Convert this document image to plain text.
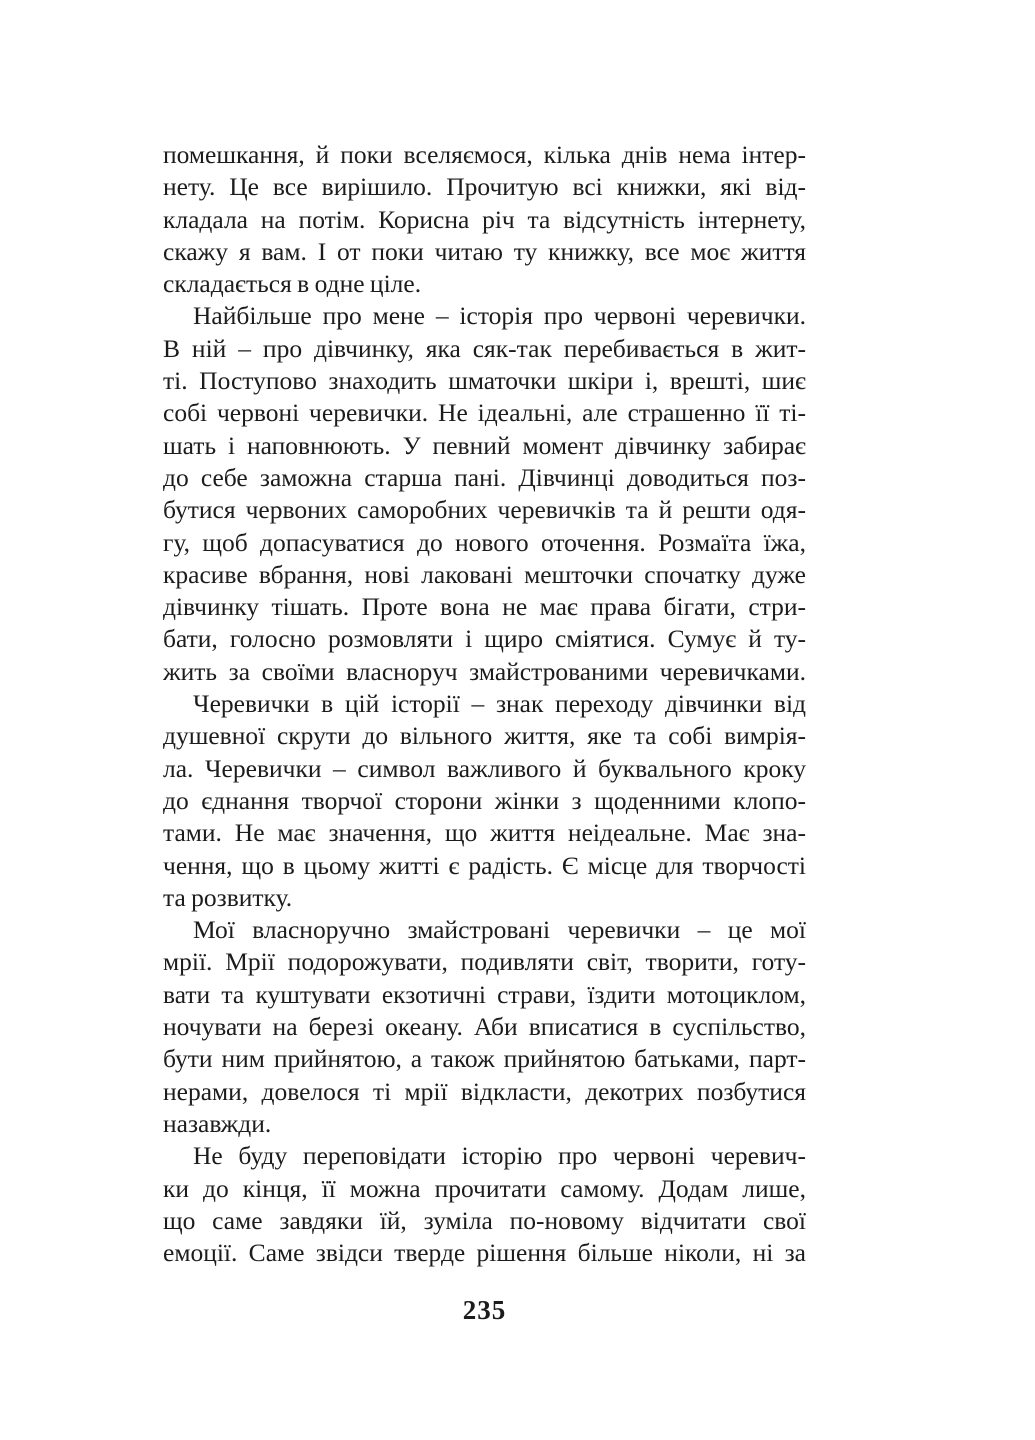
помешкання, й поки вселяємося, кілька днів нема інтер-
нету. Це все вирішило. Прочитую всі книжки, які від-
кладала на потім. Корисна річ та відсутність інтернету,
скажу я вам. І от поки читаю ту книжку, все моє життя
складається в одне ціле.
Найбільше про мене – історія про червоні черевички.
В ній – про дівчинку, яка сяк-так перебивається в жит-
ті. Поступово знаходить шматочки шкіри і, врешті, шиє
собі червоні черевички. Не ідеальні, але страшенно її ті-
шать і наповнюють. У певний момент дівчинку забирає
до себе заможна старша пані. Дівчинці доводиться поз-
бутися червоних саморобних черевичків та й решти одя-
гу, щоб допасуватися до нового оточення. Розмаїта їжа,
красиве вбрання, нові лаковані мешточки спочатку дуже
дівчинку тішать. Проте вона не має права бігати, стри-
бати, голосно розмовляти і щиро сміятися. Сумує й ту-
жить за своїми власноруч змайстрованими черевичками.
Черевички в цій історії – знак переходу дівчинки від
душевної скрути до вільного життя, яке та собі вимрія-
ла. Черевички – символ важливого й буквального кроку
до єднання творчої сторони жінки з щоденними клопо-
тами. Не має значення, що життя неідеальне. Має зна-
чення, що в цьому житті є радість. Є місце для творчості
та розвитку.
Мої власноручно змайстровані черевички – це мої
мрії. Мрії подорожувати, подивляти світ, творити, готу-
вати та куштувати екзотичні страви, їздити мотоциклом,
ночувати на березі океану. Аби вписатися в суспільство,
бути ним прийнятою, а також прийнятою батьками, парт-
нерами, довелося ті мрії відкласти, декотрих позбутися
назавжди.
Не буду переповідати історію про червоні черевич-
ки до кінця, її можна прочитати самому. Додам лише,
що саме завдяки їй, зуміла по-новому відчитати свої
емоції. Саме звідси тверде рішення більше ніколи, ні за
235
